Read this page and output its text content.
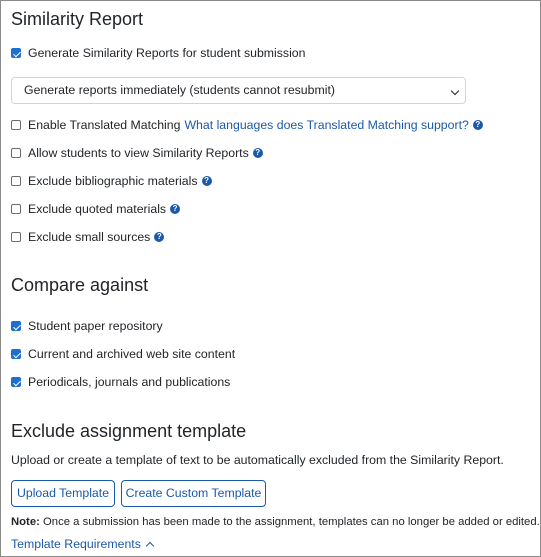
Similarity Report
Generate Similarity Reports for student submission
Generate reports immediately (students cannot resubmit)
Enable Translated Matching What languages does Translated Matching support? ?
Allow students to view Similarity Reports ?
Exclude bibliographic materials ?
Exclude quoted materials ?
Exclude small sources ?
Compare against
Student paper repository
Current and archived web site content
Periodicals, journals and publications
Exclude assignment template
Upload or create a template of text to be automatically excluded from the Similarity Report.
Upload Template	Create Custom Template
Note: Once a submission has been made to the assignment, templates can no longer be added or edited.
Template Requirements
